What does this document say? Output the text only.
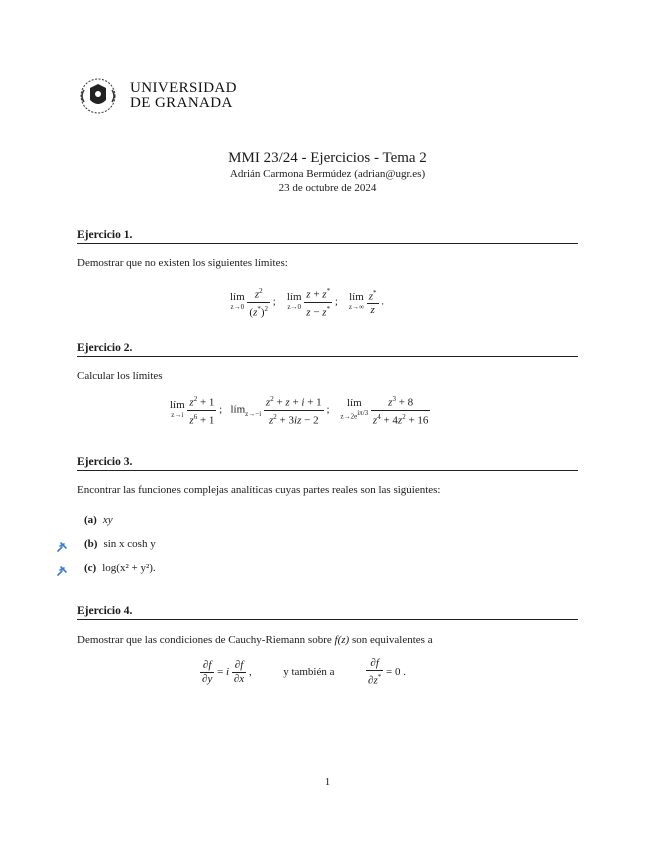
UNIVERSIDAD
DE GRANADA
MMI 23/24 - Ejercicios - Tema 2
Adrián Carmona Bermúdez (adrian@ugr.es)
23 de octubre de 2024
Ejercicio 1.
Demostrar que no existen los siguientes límites:
lím
z→0
$\frac{z^2}{(z^*)^2}$ ;    lím
z→0
$\frac{z + z^*}{z - z^*}$ ;    lím
z→∞
$\frac{z^*}{z}$ .
Ejercicio 2.
Calcular los límites
lím
z→i
$\frac{z^2 + 1}{z^6 + 1}$ ;   lím$_{z\to-i}$ $\frac{z^2 + z + i + 1}{z^2 + 3iz - 2}$ ;    lím
$z\to 2e^{i\pi/3}$
$\frac{z^3 + 8}{z^4 + 4z^2 + 16}$
Ejercicio 3.
Encontrar las funciones complejas analíticas cuyas partes reales son las siguientes:
(a) xy
(b) sin x cosh y
(c) log(x² + y²).
Ejercicio 4.
Demostrar que las condiciones de Cauchy-Riemann sobre f(z) son equivalentes a
$\frac{\partial f}{\partial y} = i \frac{\partial f}{\partial x}$ ,	y también a	$\frac{\partial f}{\partial z^*} = 0$ .
1
